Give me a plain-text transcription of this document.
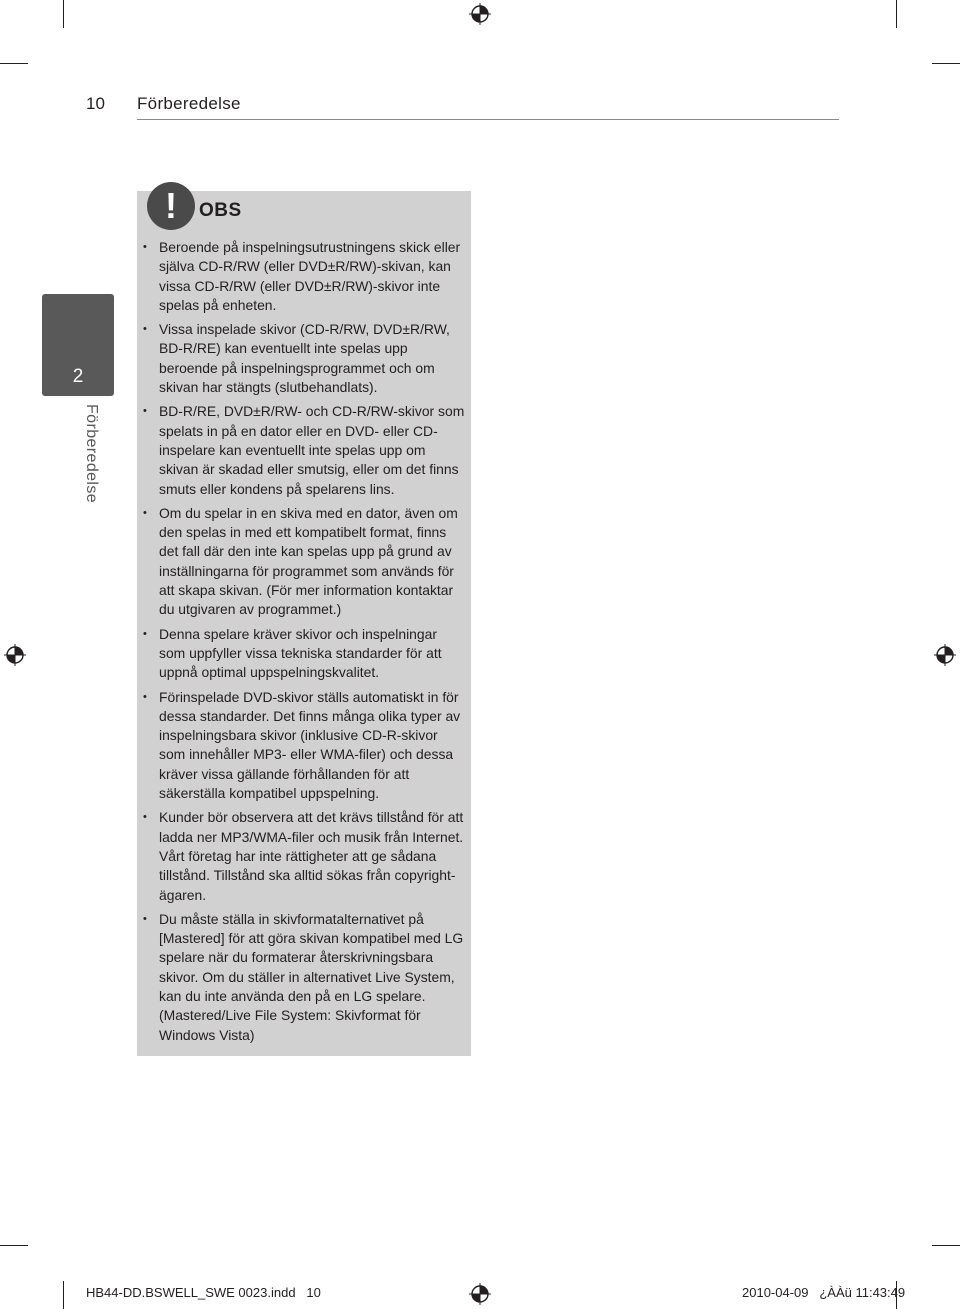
10 Förberedelse
2
Förberedelse
!	OBS
• Beroende på inspelningsutrustningens skick eller själva CD-R/RW (eller DVD±R/RW)-skivan, kan vissa CD-R/RW (eller DVD±R/RW)-skivor inte spelas på enheten.
• Vissa inspelade skivor (CD-R/RW, DVD±R/RW, BD-R/RE) kan eventuellt inte spelas upp beroende på inspelningsprogrammet och om skivan har stängts (slutbehandlats).
• BD-R/RE, DVD±R/RW- och CD-R/RW-skivor som spelats in på en dator eller en DVD- eller CD-inspelare kan eventuellt inte spelas upp om skivan är skadad eller smutsig, eller om det finns smuts eller kondens på spelarens lins.
• Om du spelar in en skiva med en dator, även om den spelas in med ett kompatibelt format, finns det fall där den inte kan spelas upp på grund av inställningarna för programmet som används för att skapa skivan. (För mer information kontaktar du utgivaren av programmet.)
• Denna spelare kräver skivor och inspelningar som uppfyller vissa tekniska standarder för att uppnå optimal uppspelningskvalitet.
• Förinspelade DVD-skivor ställs automatiskt in för dessa standarder. Det finns många olika typer av inspelningsbara skivor (inklusive CD-R-skivor som innehåller MP3- eller WMA-filer) och dessa kräver vissa gällande förhållanden för att säkerställa kompatibel uppspelning.
• Kunder bör observera att det krävs tillstånd för att ladda ner MP3/WMA-filer och musik från Internet. Vårt företag har inte rättigheter att ge sådana tillstånd. Tillstånd ska alltid sökas från copyright-ägaren.
• Du måste ställa in skivformatalternativet på [Mastered] för att göra skivan kompatibel med LG spelare när du formaterar återskrivningsbara skivor. Om du ställer in alternativet Live System, kan du inte använda den på en LG spelare. (Mastered/Live File System: Skivformat för Windows Vista)
HB44-DD.BSWELL_SWE 0023.indd   10	2010-04-09   ¿ÀÀü 11:43:49
